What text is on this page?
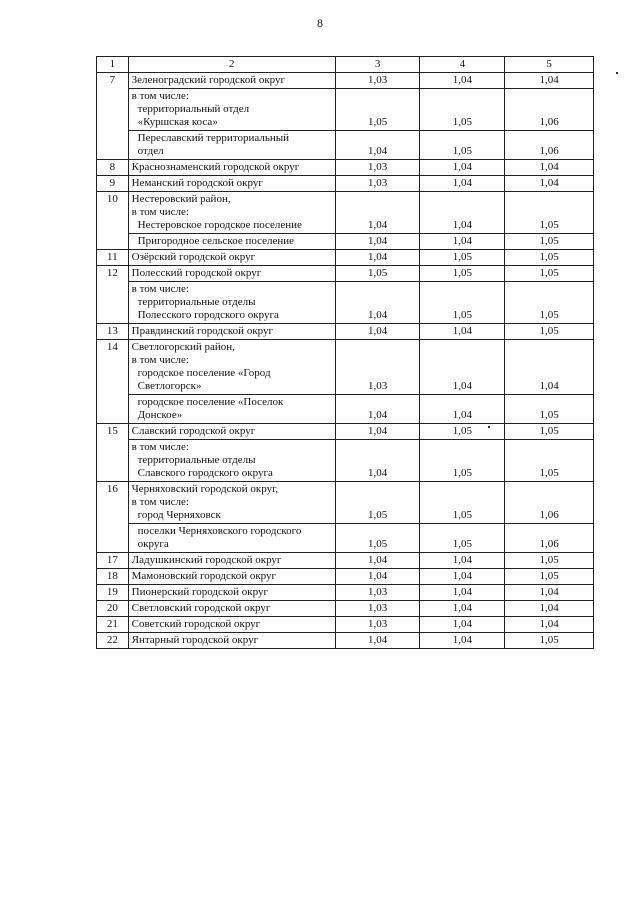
8
1	2	3	4	5
7	Зеленоградский городской округ	1,03	1,04	1,04

	в том числе:
территориальный отдел
«Куршская коса»	1,05	1,05	1,06

	Переславский территориальный
отдел	1,04	1,05	1,06
8	Краснознаменский городской округ	1,03	1,04	1,04
9	Неманский городской округ	1,03	1,04	1,04
10	Нестеровский район,
в том числе:
Нестеровское городское поселение	1,04	1,04	1,05

	Пригородное сельское поселение	1,04	1,04	1,05
11	Озёрский городской округ	1,04	1,05	1,05
12	Полесский городской округ	1,05	1,05	1,05

	в том числе:
территориальные отделы
Полесского городского округа	1,04	1,05	1,05
13	Правдинский городской округ	1,04	1,04	1,05
14	Светлогорский район,
в том числе:
городское поселение «Город
Светлогорск»	1,03	1,04	1,04

	городское поселение «Поселок
Донское»	1,04	1,04	1,05
15	Славский городской округ	1,04	1,05	1,05

	в том числе:
территориальные отделы
Славского городского округа	1,04	1,05	1,05
16	Черняховский городской округ,
в том числе:
город Черняховск	1,05	1,05	1,06

	поселки Черняховского городского
округа	1,05	1,05	1,06
17	Ладушкинский городской округ	1,04	1,04	1,05
18	Мамоновский городской округ	1,04	1,04	1,05
19	Пионерский городской округ	1,03	1,04	1,04
20	Светловский городской округ	1,03	1,04	1,04
21	Советский городской округ	1,03	1,04	1,04
22	Янтарный городской округ	1,04	1,04	1,05
